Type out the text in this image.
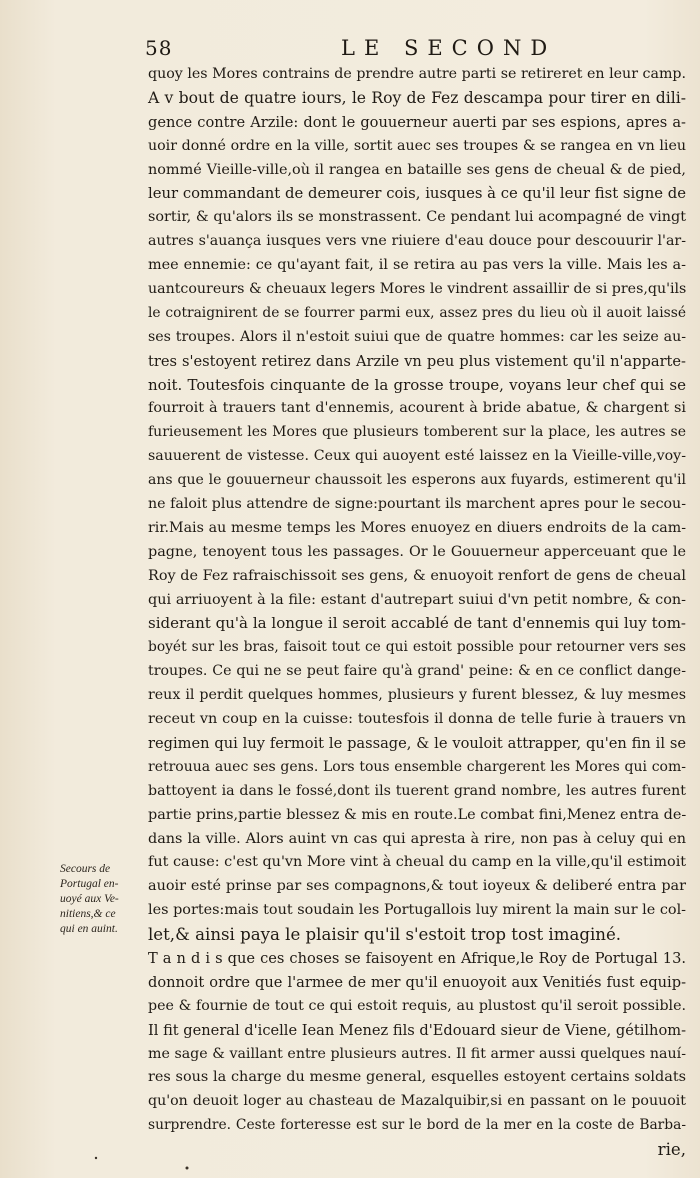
58	LE SECOND
Secours de
Portugal en-
uoyé aux Ve-
nitiens,& ce
qui en auint.
quoy les Mores contrains de prendre autre parti se retireret en leur camp.
A v bout de quatre iours, le Roy de Fez descampa pour tirer en dili-
gence contre Arzile: dont le gouuerneur auerti par ses espions, apres a-
uoir donné ordre en la ville, sortit auec ses troupes & se rangea en vn lieu
nommé Vieille-ville,où il rangea en bataille ses gens de cheual & de pied,
leur commandant de demeurer cois, iusques à ce qu'il leur fist signe de
sortir, & qu'alors ils se monstrassent. Ce pendant lui acompagné de vingt
autres s'auança iusques vers vne riuiere d'eau douce pour descouurir l'ar-
mee ennemie: ce qu'ayant fait, il se retira au pas vers la ville. Mais les a-
uantcoureurs & cheuaux legers Mores le vindrent assaillir de si pres,qu'ils
le cotraignirent de se fourrer parmi eux, assez pres du lieu où il auoit laissé
ses troupes. Alors il n'estoit suiui que de quatre hommes: car les seize au-
tres s'estoyent retirez dans Arzile vn peu plus vistement qu'il n'apparte-
noit. Toutesfois cinquante de la grosse troupe, voyans leur chef qui se
fourroit à trauers tant d'ennemis, acourent à bride abatue, & chargent si
furieusement les Mores que plusieurs tomberent sur la place, les autres se
sauuerent de vistesse. Ceux qui auoyent esté laissez en la Vieille-ville,voy-
ans que le gouuerneur chaussoit les esperons aux fuyards, estimerent qu'il
ne faloit plus attendre de signe:pourtant ils marchent apres pour le secou-
rir.Mais au mesme temps les Mores enuoyez en diuers endroits de la cam-
pagne, tenoyent tous les passages. Or le Gouuerneur apperceuant que le
Roy de Fez rafraischissoit ses gens, & enuoyoit renfort de gens de cheual
qui arriuoyent à la file: estant d'autrepart suiui d'vn petit nombre, & con-
siderant qu'à la longue il seroit accablé de tant d'ennemis qui luy tom-
boyét sur les bras, faisoit tout ce qui estoit possible pour retourner vers ses
troupes. Ce qui ne se peut faire qu'à grand' peine: & en ce conflict dange-
reux il perdit quelques hommes, plusieurs y furent blessez, & luy mesmes
receut vn coup en la cuisse: toutesfois il donna de telle furie à trauers vn
regimen qui luy fermoit le passage, & le vouloit attrapper, qu'en fin il se
retrouua auec ses gens. Lors tous ensemble chargerent les Mores qui com-
battoyent ia dans le fossé,dont ils tuerent grand nombre, les autres furent
partie prins,partie blessez & mis en route.Le combat fini,Menez entra de-
dans la ville. Alors auint vn cas qui apresta à rire, non pas à celuy qui en
fut cause: c'est qu'vn More vint à cheual du camp en la ville,qu'il estimoit
auoir esté prinse par ses compagnons,& tout ioyeux & deliberé entra par
les portes:mais tout soudain les Portugallois luy mirent la main sur le col-
let,& ainsi paya le plaisir qu'il s'estoit trop tost imaginé.
T a n d i s que ces choses se faisoyent en Afrique,le Roy de Portugal 13.
donnoit ordre que l'armee de mer qu'il enuoyoit aux Venitiés fust equip-
pee & fournie de tout ce qui estoit requis, au plustost qu'il seroit possible.
Il fit general d'icelle Iean Menez fils d'Edouard sieur de Viene, gétilhom-
me sage & vaillant entre plusieurs autres. Il fit armer aussi quelques nauí-
res sous la charge du mesme general, esquelles estoyent certains soldats
qu'on deuoit loger au chasteau de Mazalquibir,si en passant on le pouuoit
surprendre. Ceste forteresse est sur le bord de la mer en la coste de Barba-
rie,
